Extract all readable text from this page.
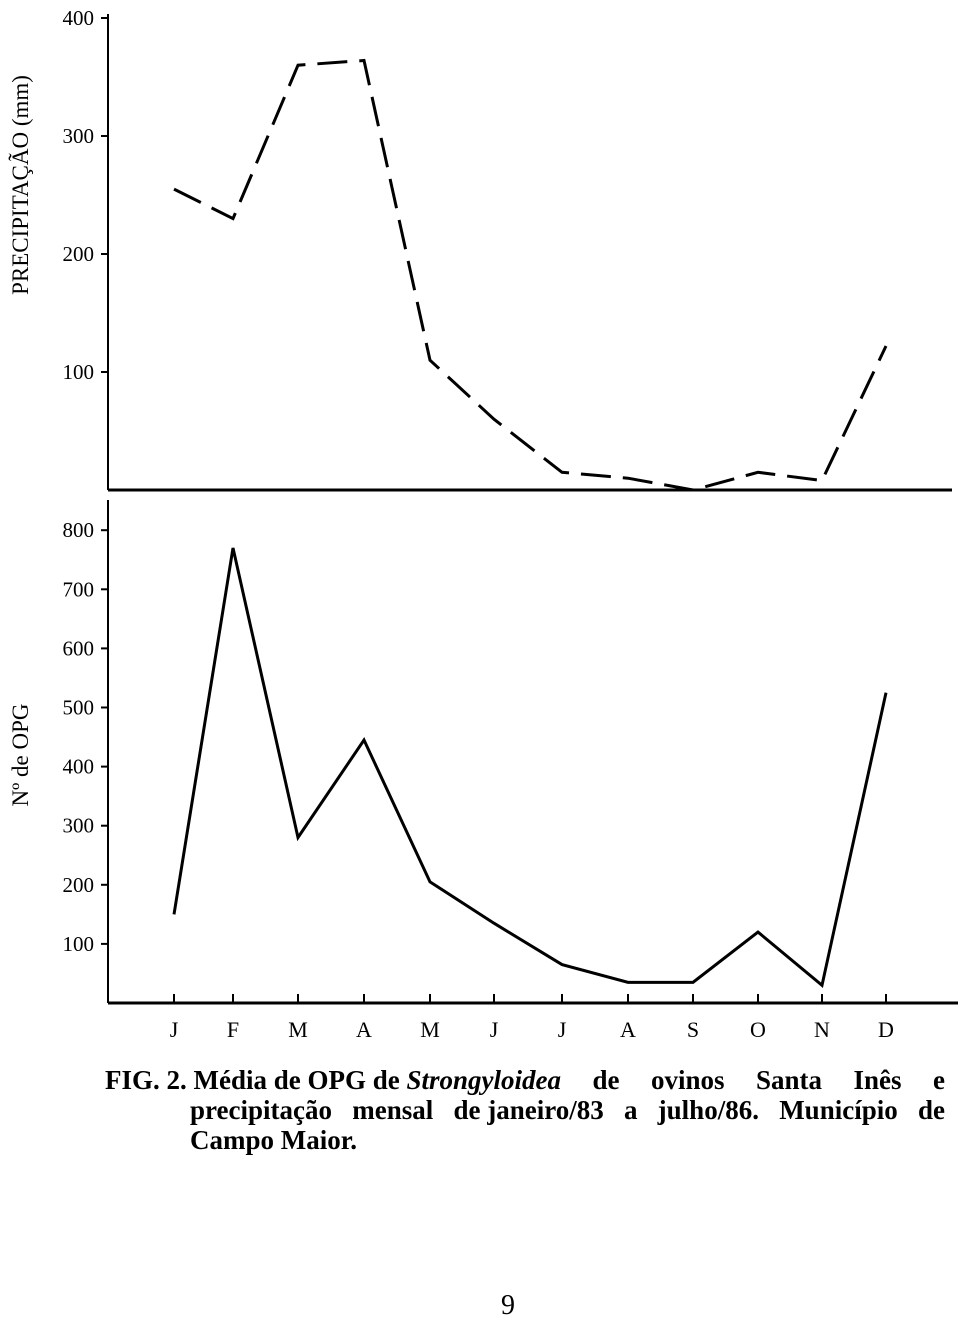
100
200
300
400
PRECIPITAÇÃO (mm)
100
200
300
400
500
600
700
800
Nº de OPG
J F M A M J	J A S O N D
FIG. 2. Média de OPG de Strongyloidea de ovinos Santa Inês e
precipitação mensal de janeiro/83 a julho/86. Município de
Campo Maior.
9
